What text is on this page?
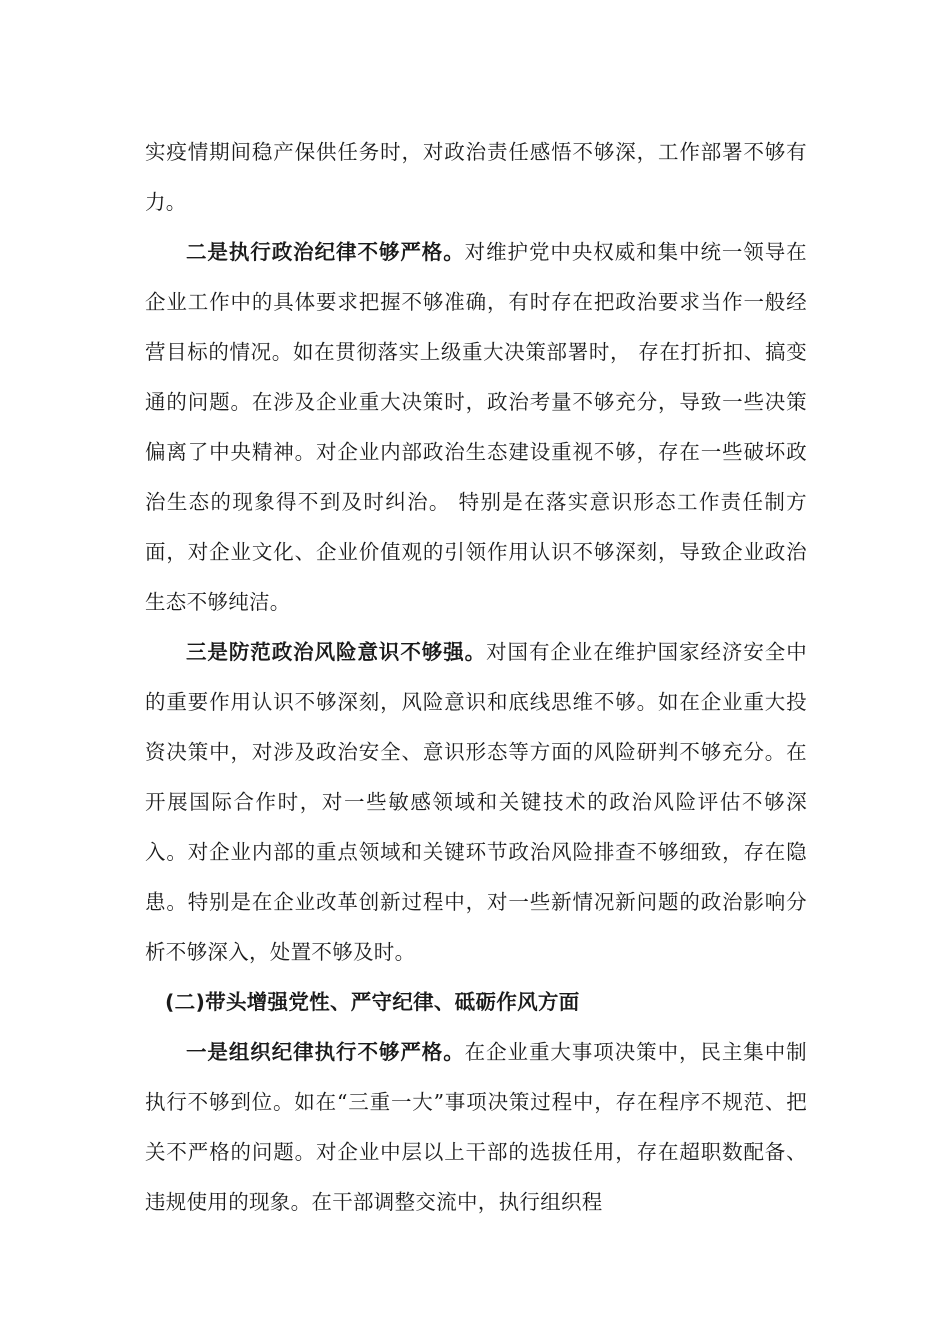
实疫情期间稳产保供任务时，对政治责任感悟不够深，工作部署不够有力。

二是执行政治纪律不够严格。对维护党中央权威和集中统一领导在企业工作中的具体要求把握不够准确，有时存在把政治要求当作一般经营目标的情况。如在贯彻落实上级重大决策部署时， 存在打折扣、搞变通的问题。在涉及企业重大决策时，政治考量不够充分，导致一些决策偏离了中央精神。对企业内部政治生态建设重视不够，存在一些破坏政治生态的现象得不到及时纠治。 特别是在落实意识形态工作责任制方面，对企业文化、企业价值观的引领作用认识不够深刻，导致企业政治生态不够纯洁。

三是防范政治风险意识不够强。对国有企业在维护国家经济安全中的重要作用认识不够深刻，风险意识和底线思维不够。如在企业重大投资决策中，对涉及政治安全、意识形态等方面的风险研判不够充分。在开展国际合作时，对一些敏感领域和关键技术的政治风险评估不够深入。对企业内部的重点领域和关键环节政治风险排查不够细致，存在隐患。特别是在企业改革创新过程中，对一些新情况新问题的政治影响分析不够深入，处置不够及时。

(二)带头增强党性、严守纪律、砥砺作风方面

一是组织纪律执行不够严格。在企业重大事项决策中，民主集中制执行不够到位。如在“三重一大”事项决策过程中，存在程序不规范、把关不严格的问题。对企业中层以上干部的选拔任用，存在超职数配备、违规使用的现象。在干部调整交流中，执行组织程
